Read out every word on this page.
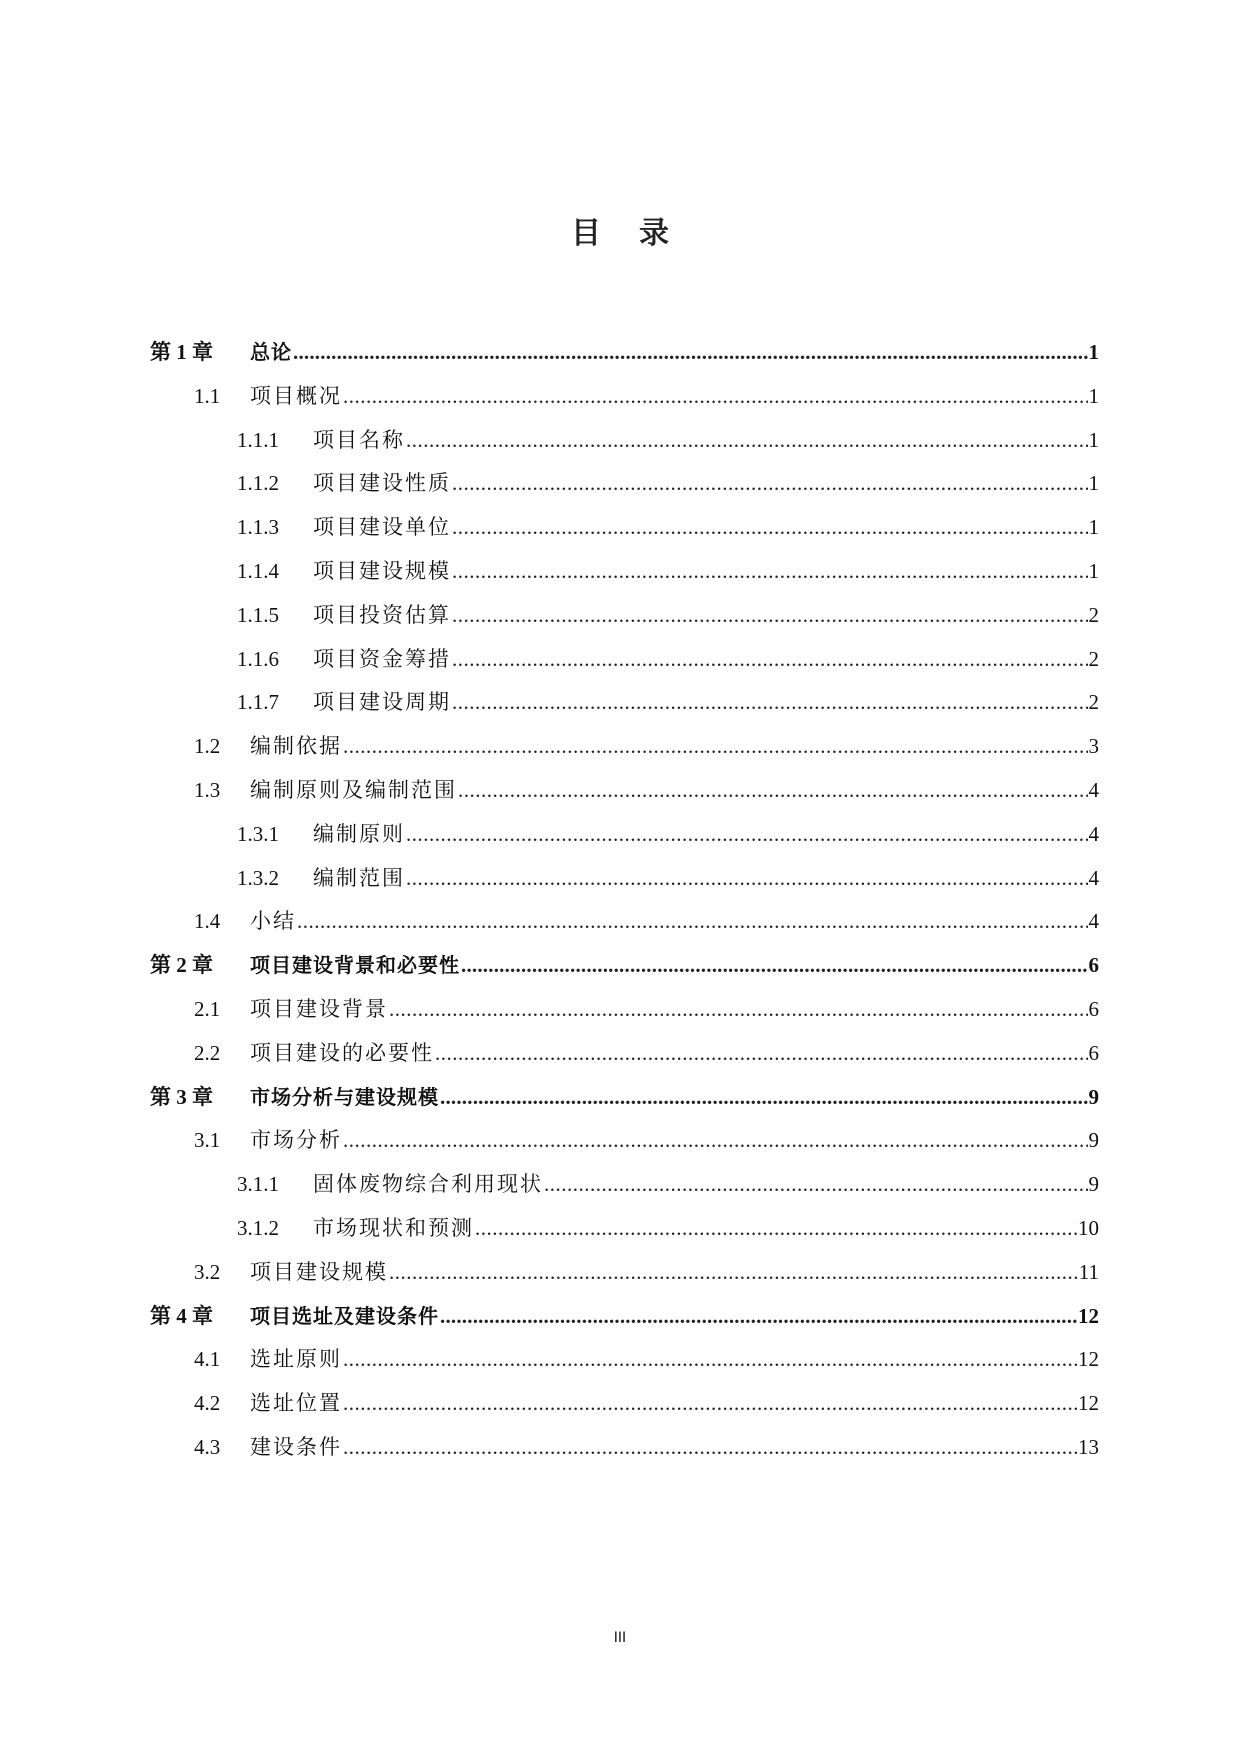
目录
第 1 章	总论 .....	1
1.1	项目概况 .....	1
1.1.1	项目名称 .....	1
1.1.2	项目建设性质 .....	1
1.1.3	项目建设单位 .....	1
1.1.4	项目建设规模 .....	1
1.1.5	项目投资估算 .....	2
1.1.6	项目资金筹措 .....	2
1.1.7	项目建设周期 .....	2
1.2	编制依据 .....	3
1.3	编制原则及编制范围 .....	4
1.3.1	编制原则 .....	4
1.3.2	编制范围 .....	4
1.4	小结 .....	4
第 2 章	项目建设背景和必要性 .....	6
2.1	项目建设背景 .....	6
2.2	项目建设的必要性 .....	6
第 3 章	市场分析与建设规模 .....	9
3.1	市场分析 .....	9
3.1.1	固体废物综合利用现状 .....	9
3.1.2	市场现状和预测 .....	10
3.2	项目建设规模 .....	11
第 4 章	项目选址及建设条件 .....	12
4.1	选址原则 .....	12
4.2	选址位置 .....	12
4.3	建设条件 .....	13
III
